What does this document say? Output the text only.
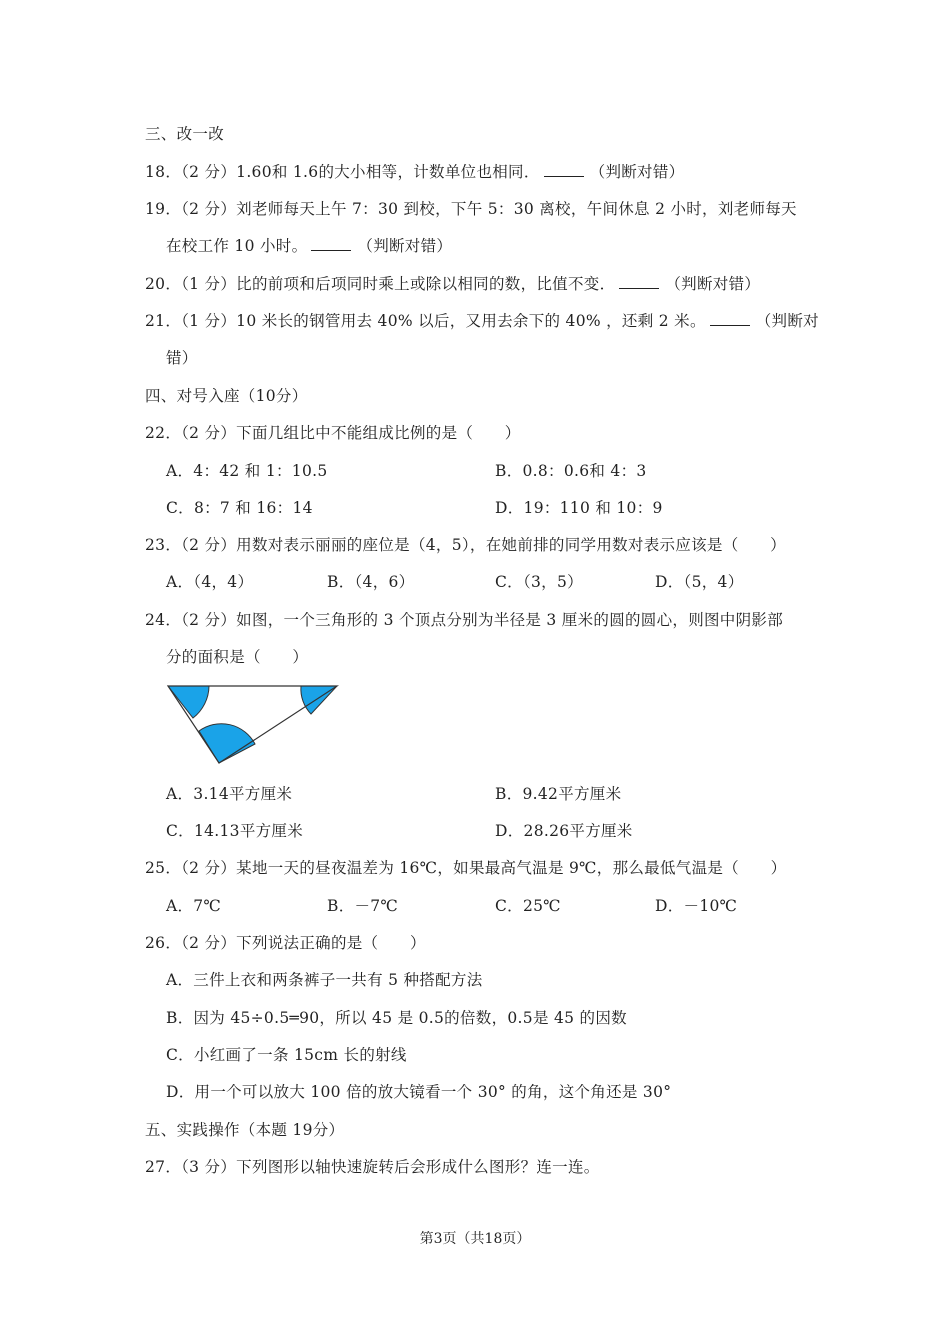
三、改一改
18．（2 分）1.60和 1.6的大小相等，计数单位也相同．	（判断对错）
19．（2 分）刘老师每天上午 7：30 到校，下午 5：30 离校，午间休息 2 小时，刘老师每天
在校工作 10 小时。	（判断对错）
20．（1 分）比的前项和后项同时乘上或除以相同的数，比值不变．	（判断对错）
21．（1 分）10 米长的钢管用去 40% 以后，又用去余下的 40% ，还剩 2 米。	（判断对
错）
四、对号入座（10分）
22．（2 分）下面几组比中不能组成比例的是（　　）
A．4：42 和 1：10.5	B．0.8：0.6和 4：3
C．8：7 和 16：14	D．19：110 和 10：9
23．（2 分）用数对表示丽丽的座位是（4，5），在她前排的同学用数对表示应该是（　　）
A．（4，4）	B．（4，6）	C．（3，5）	D．（5，4）
24．（2 分）如图，一个三角形的 3 个顶点分别为半径是 3 厘米的圆的圆心，则图中阴影部
分的面积是（　　）
A．3.14平方厘米	B．9.42平方厘米
C．14.13平方厘米	D．28.26平方厘米
25．（2 分）某地一天的昼夜温差为 16℃，如果最高气温是 9℃，那么最低气温是（　　）
A．7℃	B．－7℃	C．25℃	D．－10℃
26．（2 分）下列说法正确的是（　　）
A．三件上衣和两条裤子一共有 5 种搭配方法
B．因为 45÷0.5═90，所以 45 是 0.5的倍数，0.5是 45 的因数
C．小红画了一条 15cm 长的射线
D．用一个可以放大 100 倍的放大镜看一个 30° 的角，这个角还是 30°
五、实践操作（本题 19分）
27．（3 分）下列图形以轴快速旋转后会形成什么图形？连一连。
第3页（共18页）
